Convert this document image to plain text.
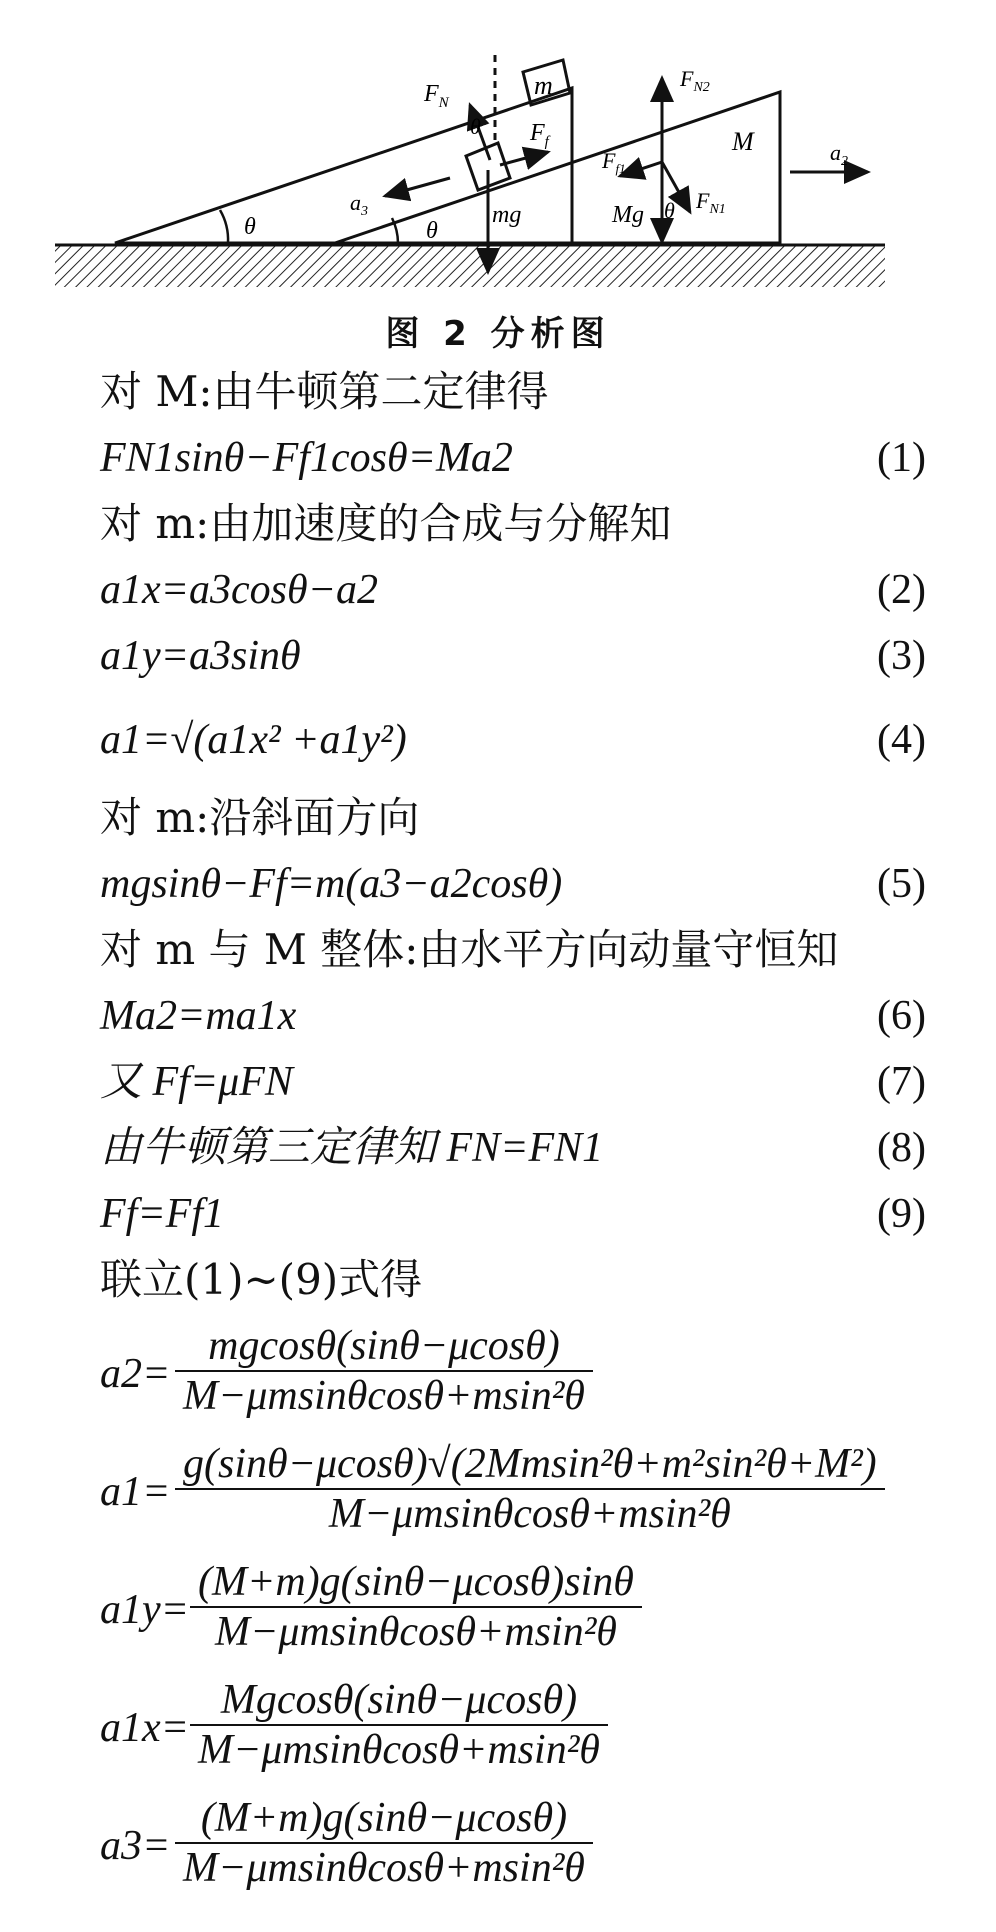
$F_N$
θ
m
$F_f$
$a_3$	mg
θ	θ
$F_{N2}$
M	$a_2$
$F_{f1}$
Mg θ $F_{N1}$
图 2 分析图
对 M:由牛顿第二定律得
FN1sinθ−Ff1cosθ=Ma2	(1)
对 m:由加速度的合成与分解知
a1x=a3cosθ−a2	(2)
a1y=a3sinθ	(3)
a1=√(a1x² +a1y²)	(4)
对 m:沿斜面方向
mgsinθ−Ff=m(a3−a2cosθ)	(5)
对 m 与 M 整体:由水平方向动量守恒知
Ma2=ma1x	(6)
又 Ff=μFN	(7)
由牛顿第三定律知 FN=FN1	(8)
Ff=Ff1	(9)
联立(1)~(9)式得
a2=
mgcosθ(sinθ−μcosθ)
M−μmsinθcosθ+msin²θ
a1=
g(sinθ−μcosθ)√(2Mmsin²θ+m²sin²θ+M²)
M−μmsinθcosθ+msin²θ
a1y=
(M+m)g(sinθ−μcosθ)sinθ
M−μmsinθcosθ+msin²θ
a1x=
Mgcosθ(sinθ−μcosθ)
M−μmsinθcosθ+msin²θ
a3=
(M+m)g(sinθ−μcosθ)
M−μmsinθcosθ+msin²θ
